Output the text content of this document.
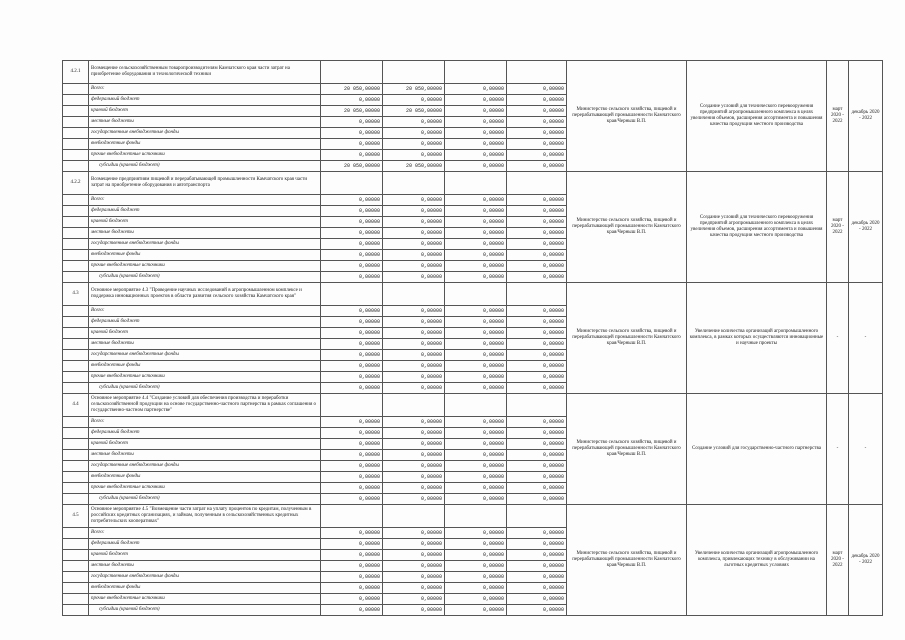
4.2.1	Возмещение сельскохозяйственным товаропроизводителям Камчатского края части затрат на приобретение оборудования и технологической техники					Министерство сельского хозяйства, пищевой и перерабатывающей промышленности Камчатского края/Черныш В.П.	Создание условий для технического перевооружения предприятий агропромышленного комплекса в целях увеличения объемов, расширения ассортимента и повышения качества продукции местного производства	март 2020 - 2022	декабрь 2020 - 2022
	Всего:	20 050,00000	20 050,00000	0,00000	0,00000				
	федеральный бюджет	0,00000	0,00000	0,00000	0,00000				
	краевой бюджет	20 050,00000	20 050,00000	0,00000	0,00000				
	местные бюджеты	0,00000	0,00000	0,00000	0,00000				
	государственные внебюджетные фонды	0,00000	0,00000	0,00000	0,00000				
	внебюджетные фонды	0,00000	0,00000	0,00000	0,00000				
	прочие внебюджетные источники	0,00000	0,00000	0,00000	0,00000				
	субсидии (краевой бюджет)	20 050,00000	20 050,00000	0,00000	0,00000				
4.2.2	Возмещение предприятиям пищевой и перерабатывающей промышленности Камчатского края части затрат на приобретение оборудования и автотранспорта					Министерство сельского хозяйства, пищевой и перерабатывающей промышленности Камчатского края/Черныш В.П.	Создание условий для технического перевооружения предприятий агропромышленного комплекса в целях увеличения объемов, расширения ассортимента и повышения качества продукции местного производства	март 2020 - 2022	декабрь 2020 - 2022
	Всего:	0,00000	0,00000	0,00000	0,00000				
	федеральный бюджет	0,00000	0,00000	0,00000	0,00000				
	краевой бюджет	0,00000	0,00000	0,00000	0,00000				
	местные бюджеты	0,00000	0,00000	0,00000	0,00000				
	государственные внебюджетные фонды	0,00000	0,00000	0,00000	0,00000				
	внебюджетные фонды	0,00000	0,00000	0,00000	0,00000				
	прочие внебюджетные источники	0,00000	0,00000	0,00000	0,00000				
	субсидии (краевой бюджет)	0,00000	0,00000	0,00000	0,00000				
4.3	Основное мероприятие 4.3 "Проведение научных исследований в агропромышленном комплексе и поддержка инновационных проектов в области развития сельского хозяйства Камчатского края"					Министерство сельского хозяйства, пищевой и перерабатывающей промышленности Камчатского края/Черныш В.П.	Увеличение количества организаций агропромышленного комплекса, в рамках которых осуществляются инновационные и научные проекты	-	-
	Всего:	0,00000	0,00000	0,00000	0,00000				
	федеральный бюджет	0,00000	0,00000	0,00000	0,00000				
	краевой бюджет	0,00000	0,00000	0,00000	0,00000				
	местные бюджеты	0,00000	0,00000	0,00000	0,00000				
	государственные внебюджетные фонды	0,00000	0,00000	0,00000	0,00000				
	внебюджетные фонды	0,00000	0,00000	0,00000	0,00000				
	прочие внебюджетные источники	0,00000	0,00000	0,00000	0,00000				
	субсидии (краевой бюджет)	0,00000	0,00000	0,00000	0,00000				
4.4	Основное мероприятие 4.4 "Создание условий для обеспечения производства и переработки сельскохозяйственной продукции на основе государственно-частного партнерства в рамках соглашения о государственно-частном партнерстве"					Министерство сельского хозяйства, пищевой и перерабатывающей промышленности Камчатского края/Черныш В.П.	Создание условий для государственно-частного партнерства	-	-
	Всего:	0,00000	0,00000	0,00000	0,00000				
	федеральный бюджет	0,00000	0,00000	0,00000	0,00000				
	краевой бюджет	0,00000	0,00000	0,00000	0,00000				
	местные бюджеты	0,00000	0,00000	0,00000	0,00000				
	государственные внебюджетные фонды	0,00000	0,00000	0,00000	0,00000				
	внебюджетные фонды	0,00000	0,00000	0,00000	0,00000				
	прочие внебюджетные источники	0,00000	0,00000	0,00000	0,00000				
	субсидии (краевой бюджет)	0,00000	0,00000	0,00000	0,00000				
4.5	Основное мероприятие 4.5 "Возмещение части затрат на уплату процентов по кредитам, полученным в российских кредитных организациях, и займам, полученным в сельскохозяйственных кредитных потребительских кооперативах"					Министерство сельского хозяйства, пищевой и перерабатывающей промышленности Камчатского края/Черныш В.П.	Увеличение количества организаций агропромышленного комплекса, привлекающих технику в обслуживании на льготных кредитных условиях	март 2020 - 2022	декабрь 2020 - 2022
	Всего:	0,00000	0,00000	0,00000	0,00000				
	федеральный бюджет	0,00000	0,00000	0,00000	0,00000				
	краевой бюджет	0,00000	0,00000	0,00000	0,00000				
	местные бюджеты	0,00000	0,00000	0,00000	0,00000				
	государственные внебюджетные фонды	0,00000	0,00000	0,00000	0,00000				
	внебюджетные фонды	0,00000	0,00000	0,00000	0,00000				
	прочие внебюджетные источники	0,00000	0,00000	0,00000	0,00000				
	субсидии (краевой бюджет)	0,00000	0,00000	0,00000	0,00000				
